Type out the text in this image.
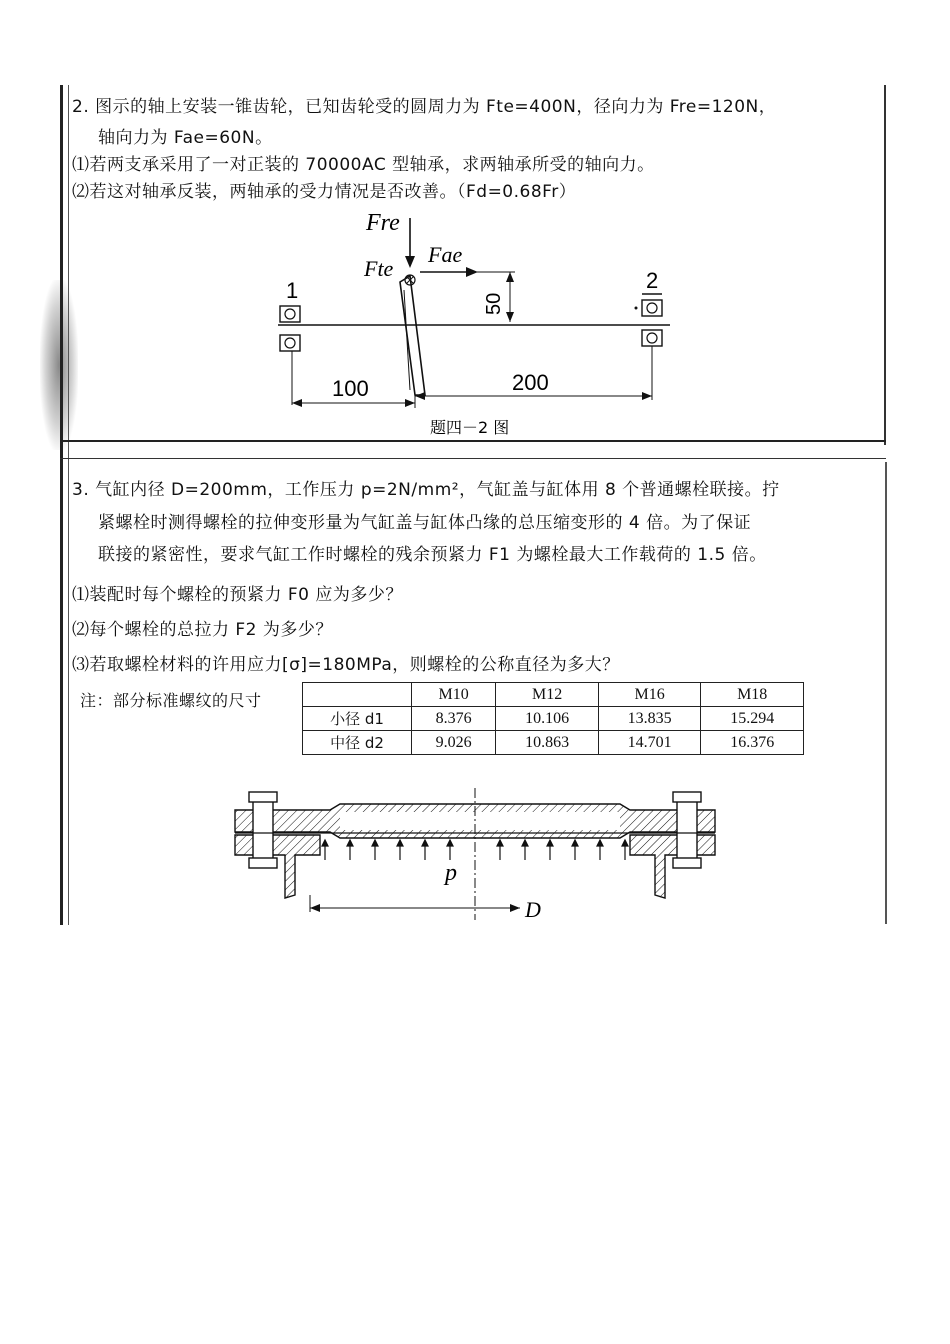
2. 图示的轴上安装一锥齿轮，已知齿轮受的圆周力为 Fte=400N，径向力为 Fre=120N，
轴向力为 Fae=60N。
⑴若两支承采用了一对正装的 70000AC 型轴承，求两轴承所受的轴向力。
⑵若这对轴承反装，两轴承的受力情况是否改善。（Fd=0.68Fr）
Fre
Fte
Fae
50
1	2
100	200
题四－2 图
3. 气缸内径 D=200mm，工作压力 p=2N/mm²，气缸盖与缸体用 8 个普通螺栓联接。拧
紧螺栓时测得螺栓的拉伸变形量为气缸盖与缸体凸缘的总压缩变形的 4 倍。为了保证
联接的紧密性，要求气缸工作时螺栓的残余预紧力 F1 为螺栓最大工作载荷的 1.5 倍。
⑴装配时每个螺栓的预紧力 F0 应为多少？
⑵每个螺栓的总拉力 F2 为多少？
⑶若取螺栓材料的许用应力[σ]=180MPa，则螺栓的公称直径为多大？
注：部分标准螺纹的尺寸
		M10	M12	M16	M18
小径 d1	8.376	10.106	13.835	15.294
中径 d2	9.026	10.863	14.701	16.376
p
D
